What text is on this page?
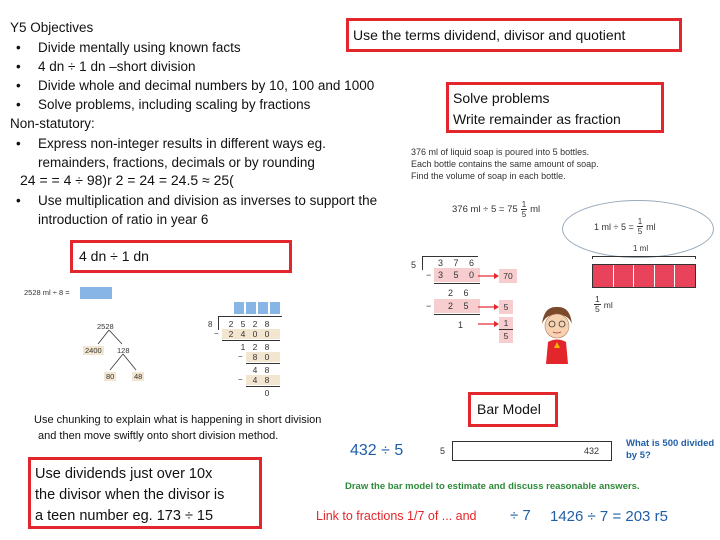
Y5 Objectives
• Divide mentally using known facts
• 4 dn ÷ 1 dn –short division
• Divide whole and decimal numbers by 10, 100 and 1000
• Solve problems, including scaling by fractions
Non-statutory:
• Express non-integer results in different ways eg.
remainders, fractions, decimals or by rounding
24 = = 4 ÷ 98)r 2 = 24 = 24.5 ≈ 25(
• Use multiplication and division as inverses to support the
introduction of ratio in year 6
Use the terms dividend, divisor and quotient
Solve problems
Write remainder as fraction
4 dn ÷ 1 dn
Bar Model
Use dividends just over 10x
the divisor when the divisor is
a teen number eg. 173 ÷ 15
Use chunking to explain what is happening in short division
and then move swiftly onto short division method.
376 ml of liquid soap is poured into 5 bottles.
Each bottle contains the same amount of soap.
Find the volume of soap in each bottle.
376 ml ÷ $5 = 75 \frac{1}{5}$ ml
1 ml ÷ $5 = \frac{1}{5}$ ml
1 ml
$\frac{1}{5}$ ml
5 3 7 6
− 3 5 0
2 6
− 2 5
1
70
5
$\frac{1}{5}$
2528 ml ÷ 8 =
2528
2400 128
80	48
8	2 5 2 8
−	2 4 0 0
1 2 8
−	8 0
4 8
−	4 8
0
432 ÷ 5	5	432
What is 500 divided by 5?
Draw the bar model to estimate and discuss reasonable answers.
Link to fractions 1/7 of ... and ÷ 7 1426 ÷ 7 = 203 r5
